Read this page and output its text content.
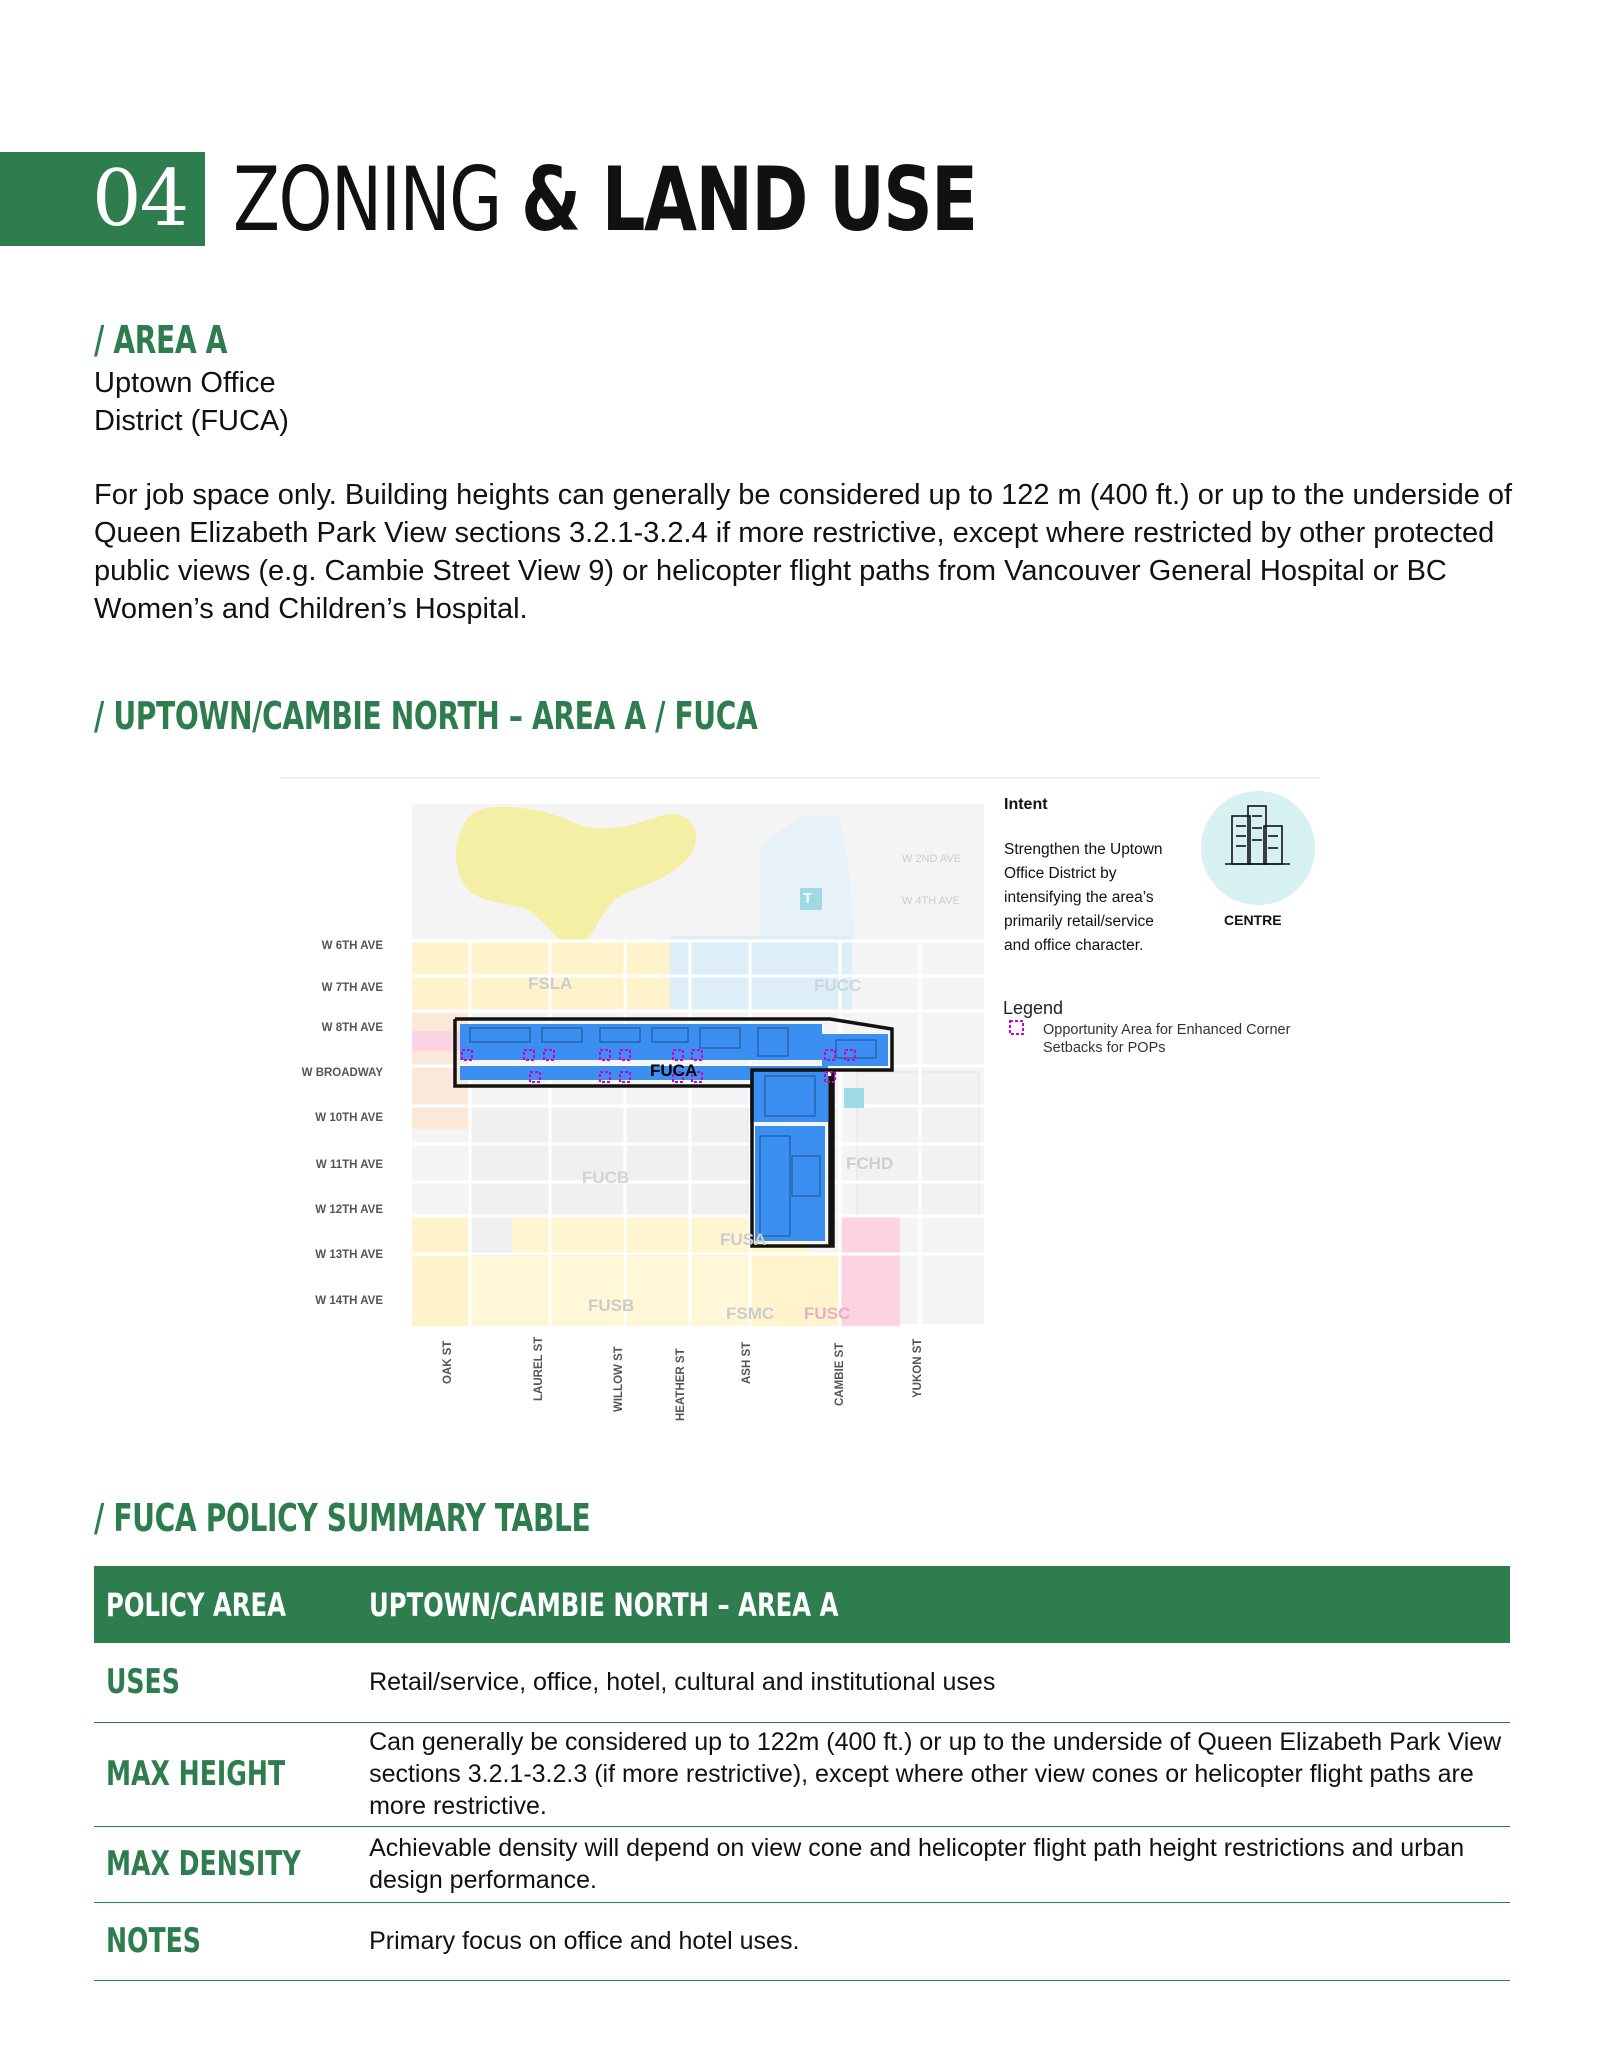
04 ZONING & LAND USE
/ AREA A
Uptown Office
District (FUCA)
For job space only. Building heights can generally be considered up to 122 m (400 ft.) or up to the underside of Queen Elizabeth Park View sections 3.2.1-3.2.4 if more restrictive, except where restricted by other protected public views (e.g. Cambie Street View 9) or helicopter flight paths from Vancouver General Hospital or BC Women’s and Children’s Hospital.
/ UPTOWN/CAMBIE NORTH – AREA A / FUCA
FSLA	FUCC
FUCA
FUCB
FCHD
FUSA
FUSB	FSMC FUSC
T
W 6TH AVE
W 7TH AVE
W 8TH AVE
W BROADWAY
W 10TH AVE
W 11TH AVE
W 12TH AVE
W 13TH AVE
W 14TH AVE
W 2ND AVE
W 4TH AVE
OAK ST	LAUREL ST	WILLOW ST	HEATHER ST	ASH ST	CAMBIE ST	YUKON ST
Intent
Strengthen the Uptown
Office District by
intensifying the area’s
primarily retail/service
and office character.
CENTRE
Legend
Opportunity Area for Enhanced Corner
Setbacks for POPs
/ FUCA POLICY SUMMARY TABLE
POLICY AREA	UPTOWN/CAMBIE NORTH – AREA A
USES	Retail/service, office, hotel, cultural and institutional uses
MAX HEIGHT	Can generally be considered up to 122m (400 ft.) or up to the underside of Queen Elizabeth Park View sections 3.2.1-3.2.3 (if more restrictive), except where other view cones or helicopter flight paths are more restrictive.
MAX DENSITY	Achievable density will depend on view cone and helicopter flight path height restrictions and urban design performance.
NOTES	Primary focus on office and hotel uses.
